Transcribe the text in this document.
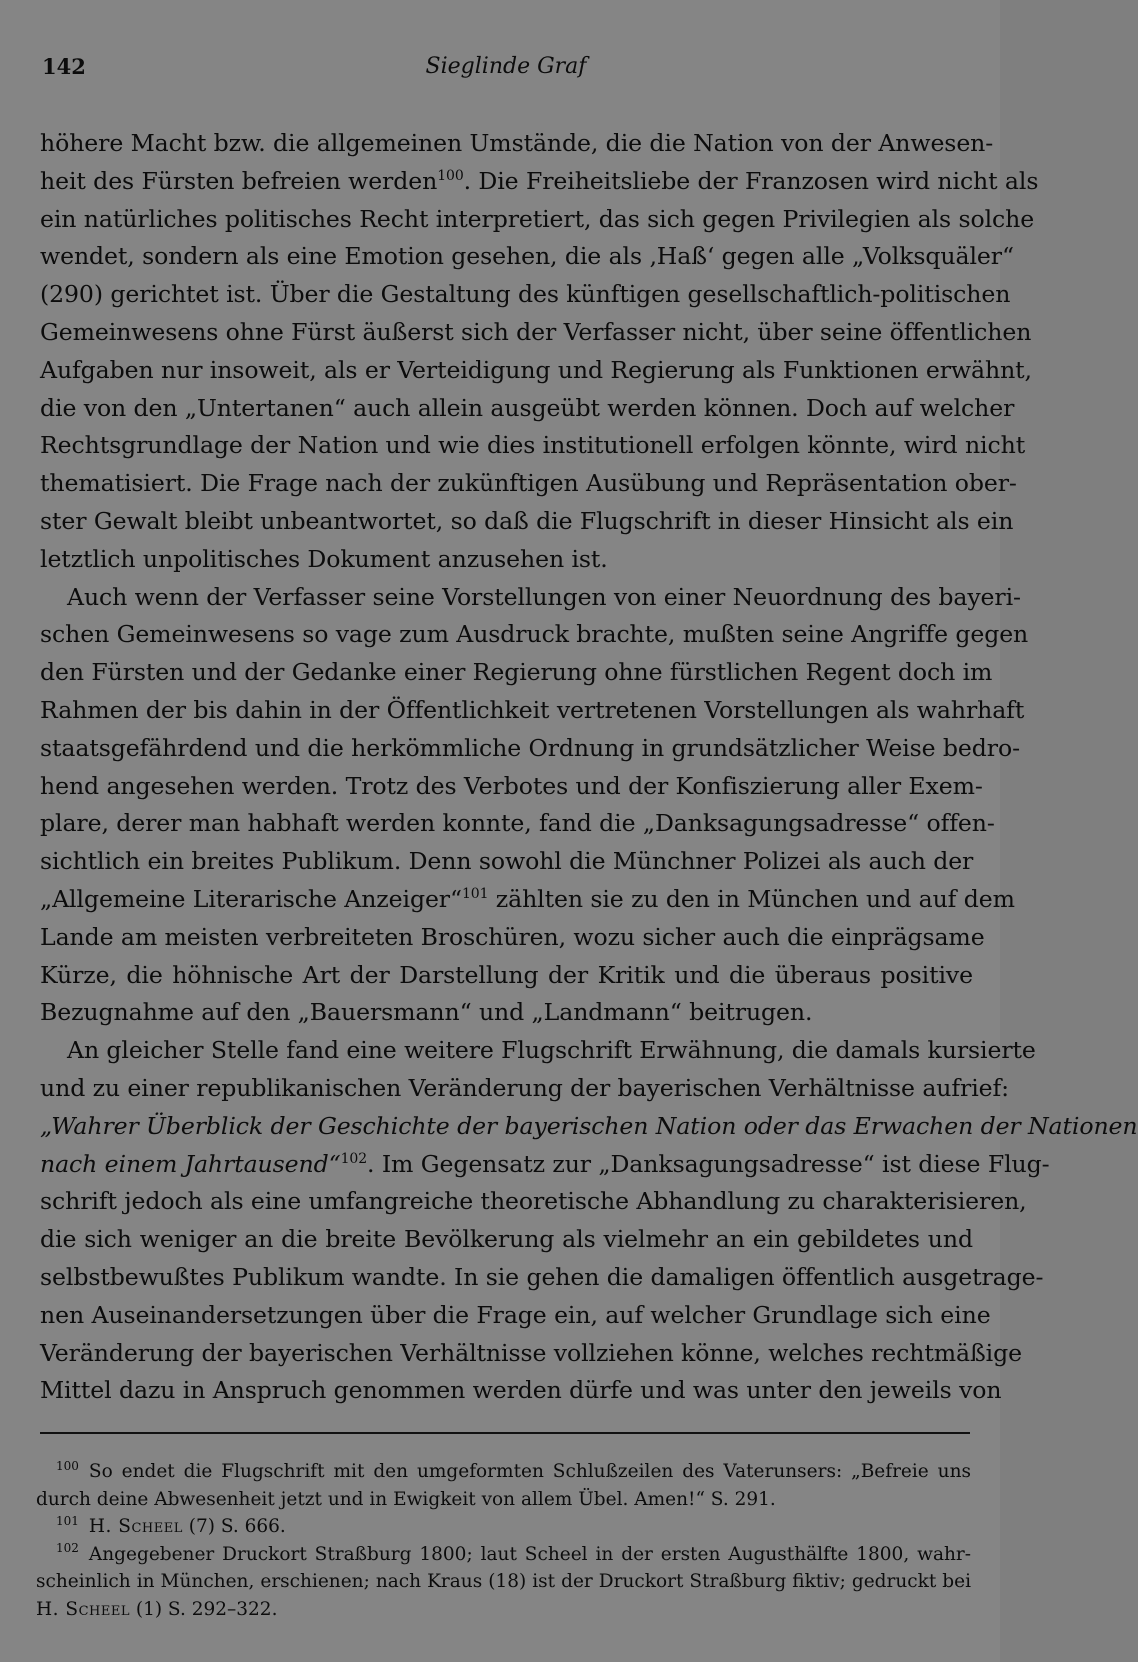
142	Sieglinde Graf
höhere Macht bzw. die allgemeinen Umstände, die die Nation von der Anwesen-
heit des Fürsten befreien werden$^{100}$. Die Freiheitsliebe der Franzosen wird nicht als
ein natürliches politisches Recht interpretiert, das sich gegen Privilegien als solche
wendet, sondern als eine Emotion gesehen, die als ‚Haß‘ gegen alle „Volksquäler“
(290) gerichtet ist. Über die Gestaltung des künftigen gesellschaftlich-politischen
Gemeinwesens ohne Fürst äußerst sich der Verfasser nicht, über seine öffentlichen
Aufgaben nur insoweit, als er Verteidigung und Regierung als Funktionen erwähnt,
die von den „Untertanen“ auch allein ausgeübt werden können. Doch auf welcher
Rechtsgrundlage der Nation und wie dies institutionell erfolgen könnte, wird nicht
thematisiert. Die Frage nach der zukünftigen Ausübung und Repräsentation ober-
ster Gewalt bleibt unbeantwortet, so daß die Flugschrift in dieser Hinsicht als ein
letztlich unpolitisches Dokument anzusehen ist.
Auch wenn der Verfasser seine Vorstellungen von einer Neuordnung des bayeri-
schen Gemeinwesens so vage zum Ausdruck brachte, mußten seine Angriffe gegen
den Fürsten und der Gedanke einer Regierung ohne fürstlichen Regent doch im
Rahmen der bis dahin in der Öffentlichkeit vertretenen Vorstellungen als wahrhaft
staatsgefährdend und die herkömmliche Ordnung in grundsätzlicher Weise bedro-
hend angesehen werden. Trotz des Verbotes und der Konfiszierung aller Exem-
plare, derer man habhaft werden konnte, fand die „Danksagungsadresse“ offen-
sichtlich ein breites Publikum. Denn sowohl die Münchner Polizei als auch der
„Allgemeine Literarische Anzeiger“$^{101}$ zählten sie zu den in München und auf dem
Lande am meisten verbreiteten Broschüren, wozu sicher auch die einprägsame
Kürze, die höhnische Art der Darstellung der Kritik und die überaus positive
Bezugnahme auf den „Bauersmann“ und „Landmann“ beitrugen.
An gleicher Stelle fand eine weitere Flugschrift Erwähnung, die damals kursierte
und zu einer republikanischen Veränderung der bayerischen Verhältnisse aufrief:
„Wahrer Überblick der Geschichte der bayerischen Nation oder das Erwachen der Nationen
nach einem Jahrtausend“$^{102}$. Im Gegensatz zur „Danksagungsadresse“ ist diese Flug-
schrift jedoch als eine umfangreiche theoretische Abhandlung zu charakterisieren,
die sich weniger an die breite Bevölkerung als vielmehr an ein gebildetes und
selbstbewußtes Publikum wandte. In sie gehen die damaligen öffentlich ausgetrage-
nen Auseinandersetzungen über die Frage ein, auf welcher Grundlage sich eine
Veränderung der bayerischen Verhältnisse vollziehen könne, welches rechtmäßige
Mittel dazu in Anspruch genommen werden dürfe und was unter den jeweils von
$^{100}$ So endet die Flugschrift mit den umgeformten Schlußzeilen des Vaterunsers: „Befreie uns
durch deine Abwesenheit jetzt und in Ewigkeit von allem Übel. Amen!“ S. 291.
$^{101}$ H. Scheel (7) S. 666.
$^{102}$ Angegebener Druckort Straßburg 1800; laut Scheel in der ersten Augusthälfte 1800, wahr-
scheinlich in München, erschienen; nach Kraus (18) ist der Druckort Straßburg fiktiv; gedruckt bei
H. Scheel (1) S. 292–322.
